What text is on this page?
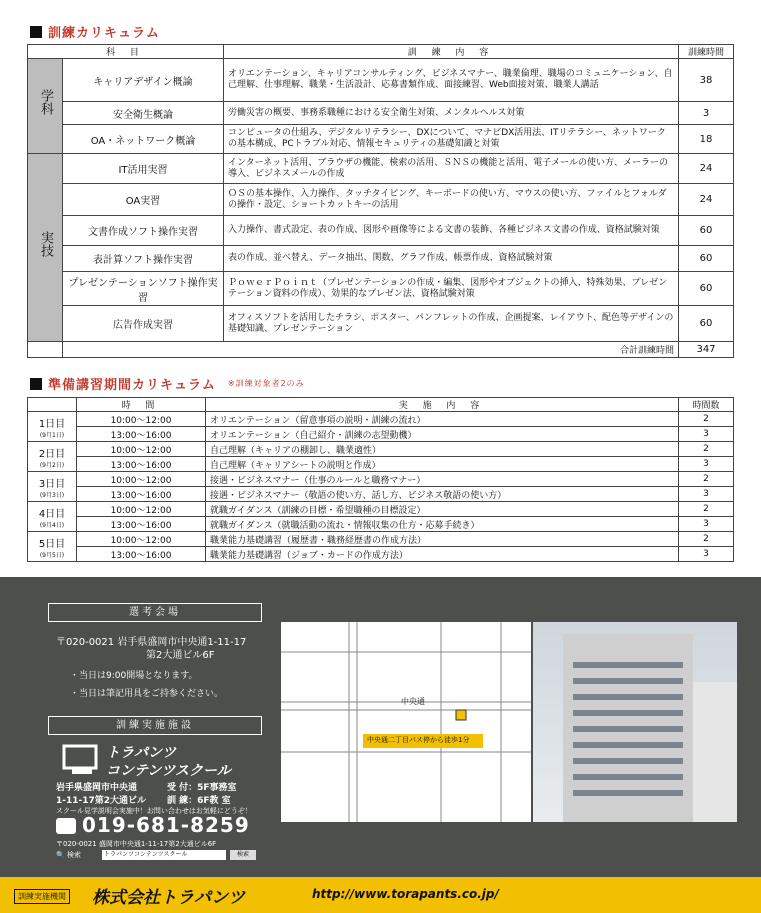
訓練カリキュラム
科 目		訓 練 内 容	訓練時間
学科	キャリアデザイン概論	オリエンテーション、キャリアコンサルティング、ビジネスマナー、職業倫理、職場のコミュニケーション、自己理解、仕事理解、職業・生活設計、応募書類作成、面接練習、Web面接対策、職業人講話	38
	安全衛生概論	労働災害の概要、事務系職種における安全衛生対策、メンタルヘルス対策	3
	OA・ネットワーク概論	コンピュータの仕組み、デジタルリテラシー、DXについて、マナビDX活用法、ITリテラシー、ネットワークの基本構成、PCトラブル対応、情報セキュリティの基礎知識と対策	18
実技	IT活用実習	インターネット活用、ブラウザの機能、検索の活用、ＳＮＳの機能と活用、電子メールの使い方、メーラーの導入、ビジネスメールの作成	24
	OA実習	ＯＳの基本操作、入力操作、タッチタイピング、キーボードの使い方、マウスの使い方、ファイルとフォルダの操作・設定、ショートカットキーの活用	24
	文書作成ソフト操作実習	入力操作、書式設定、表の作成、図形や画像等による文書の装飾、各種ビジネス文書の作成、資格試験対策	60
	表計算ソフト操作実習	表の作成、並べ替え、データ抽出、関数、グラフ作成、帳票作成、資格試験対策	60
	プレゼンテーションソフト操作実習	ＰｏｗｅｒＰｏｉｎｔ（プレゼンテーションの作成・編集、図形やオブジェクトの挿入、特殊効果、プレゼンテーション資料の作成）、効果的なプレゼン法、資格試験対策	60
	広告作成実習	オフィスソフトを活用したチラシ、ポスター、パンフレットの作成、企画提案、レイアウト、配色等デザインの基礎知識、プレゼンテーション	60
	合計訓練時間		347
準備講習期間カリキュラム ※訓練対象者2のみ
	時 間	実 施 内 容	時間数
1日目
(9月1日)	10:00～12:00	オリエンテーション（留意事項の説明・訓練の流れ）	2
	13:00～16:00	オリエンテーション（自己紹介・訓練の志望動機）	3
2日目
(9月2日)	10:00～12:00	自己理解（キャリアの棚卸し、職業適性）	2
	13:00～16:00	自己理解（キャリアシートの説明と作成）	3
3日目
(9月3日)	10:00～12:00	接遇・ビジネスマナー（仕事のルールと職務マナー）	2
	13:00～16:00	接遇・ビジネスマナー（敬語の使い方、話し方、ビジネス敬語の使い方）	3
4日目
(9月4日)	10:00～12:00	就職ガイダンス（訓練の目標・希望職種の目標設定）	2
	13:00～16:00	就職ガイダンス（就職活動の流れ・情報収集の仕方・応募手続き）	3
5日目
(9月5日)	10:00～12:00	職業能力基礎講習（履歴書・職務経歴書の作成方法）	2
	13:00～16:00	職業能力基礎講習（ジョブ・カードの作成方法）	3
選考会場
〒020-0021 岩手県盛岡市中央通1-11-17
第2大通ビル6F
・当日は9:00開場となります。
・当日は筆記用具をご持参ください。
訓練実施施設
トラパンツ
コンテンツスクール
岩手県盛岡市中央通
1-11-17第2大通ビル
受 付：5F事務室
訓 練：6F教 室
スクール見学説明会実施中！お問い合わせはお気軽にどうぞ！
019-681-8259
〒020-0021 盛岡市中央通1-11-17第2大通ビル6F
🔍 検索	トラパンツコンテンツスクール	検索
中央通
中央通二丁目バス停から徒歩1分
訓練実施機関 株式会社トラパンツ	http://www.torapants.co.jp/
